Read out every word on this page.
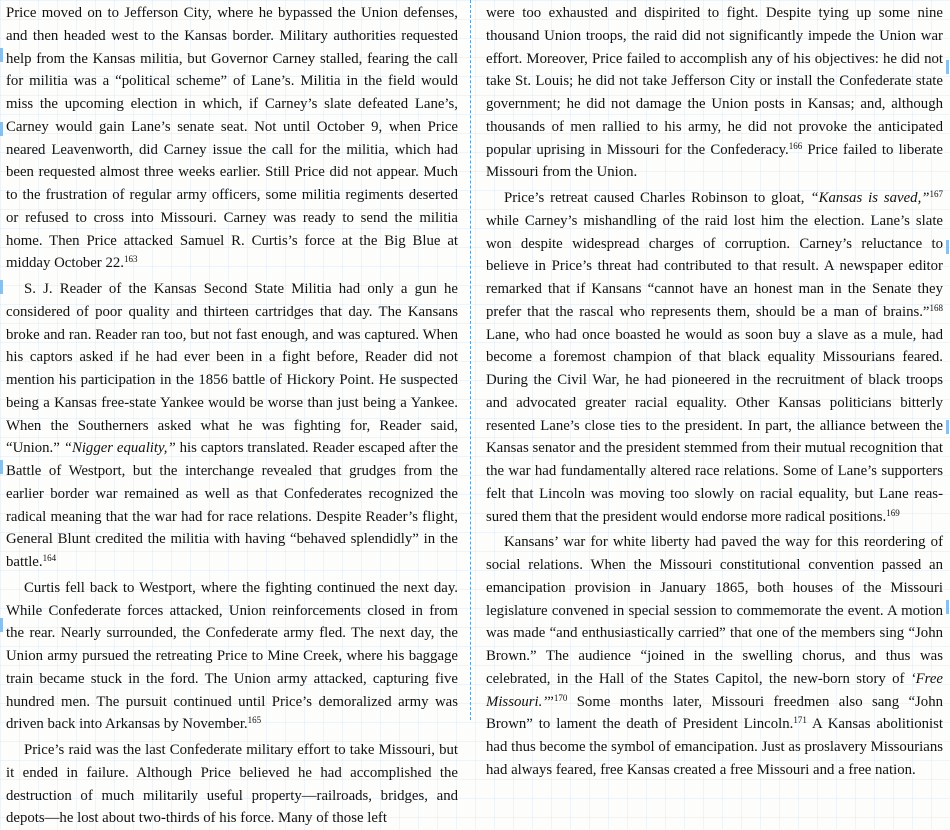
Price moved on to Jefferson City, where he bypassed the Union defenses, and then headed west to the Kansas border. Military authorities requested help from the Kansas militia, but Governor Carney stalled, fearing the call for militia was a “political scheme” of Lane’s. Militia in the field would miss the upcoming election in which, if Carney’s slate defeated Lane’s, Carney would gain Lane’s senate seat. Not until October 9, when Price neared Leavenworth, did Carney issue the call for the militia, which had been requested almost three weeks earlier. Still Price did not appear. Much to the frustration of regular army officers, some militia regiments deserted or refused to cross into Missouri. Carney was ready to send the militia home. Then Price attacked Samuel R. Curtis’s force at the Big Blue at midday October 22.$^{163}$

S. J. Reader of the Kansas Second State Militia had only a gun he considered of poor quality and thirteen cartridges that day. The Kansans broke and ran. Reader ran too, but not fast enough, and was captured. When his captors asked if he had ever been in a fight before, Reader did not mention his participation in the 1856 battle of Hickory Point. He suspected being a Kansas free-state Yankee would be worse than just being a Yankee. When the Southerners asked what he was fighting for, Reader said, “Union.” “Nigger equality,” his captors translated. Reader escaped after the Battle of Westport, but the interchange revealed that grudges from the earlier border war remained as well as that Confederates recognized the radical meaning that the war had for race relations. Despite Reader’s flight, General Blunt credited the militia with having “behaved splendidly” in the battle.$^{164}$

Curtis fell back to Westport, where the fighting continued the next day. While Confederate forces attacked, Union reinforcements closed in from the rear. Nearly surrounded, the Confederate army fled. The next day, the Union army pursued the retreating Price to Mine Creek, where his baggage train became stuck in the ford. The Union army attacked, capturing five hundred men. The pursuit continued until Price’s demoralized army was driven back into Arkansas by November.$^{165}$

Price’s raid was the last Confederate military effort to take Missouri, but it ended in failure. Although Price believed he had accomplished the destruction of much militarily useful property—railroads, bridges, and depots—he lost about two-thirds of his force. Many of those left

were too exhausted and dispirited to fight. Despite tying up some nine thousand Union troops, the raid did not significantly impede the Union war effort. Moreover, Price failed to accomplish any of his objectives: he did not take St. Louis; he did not take Jefferson City or install the Confederate state government; he did not damage the Union posts in Kansas; and, although thousands of men rallied to his army, he did not provoke the anticipated popular uprising in Missouri for the Confederacy.$^{166}$ Price failed to liberate Missouri from the Union.

Price’s retreat caused Charles Robinson to gloat, “Kansas is saved,”$^{167}$ while Carney’s mishandling of the raid lost him the election. Lane’s slate won despite widespread charges of corruption. Carney’s reluctance to believe in Price’s threat had contributed to that result. A newspaper editor remarked that if Kansans “cannot have an honest man in the Senate they prefer that the rascal who represents them, should be a man of brains.”$^{168}$ Lane, who had once boasted he would as soon buy a slave as a mule, had become a foremost champion of that black equality Missourians feared. During the Civil War, he had pioneered in the recruitment of black troops and advocated greater racial equality. Other Kansas politicians bitterly resented Lane’s close ties to the president. In part, the alliance between the Kansas senator and the president stemmed from their mutual recognition that the war had fundamentally altered race relations. Some of Lane’s supporters felt that Lincoln was moving too slowly on racial equality, but Lane reassured them that the president would endorse more radical positions.$^{169}$

Kansans’ war for white liberty had paved the way for this reordering of social relations. When the Missouri constitutional convention passed an emancipation provision in January 1865, both houses of the Missouri legislature convened in special session to commemorate the event. A motion was made “and enthusiastically carried” that one of the members sing “John Brown.” The audience “joined in the swelling chorus, and thus was celebrated, in the Hall of the States Capitol, the new-born story of ‘Free Missouri.’”$^{170}$ Some months later, Missouri freedmen also sang “John Brown” to lament the death of President Lincoln.$^{171}$ A Kansas abolitionist had thus become the symbol of emancipation. Just as proslavery Missourians had always feared, free Kansas created a free Missouri and a free nation.
